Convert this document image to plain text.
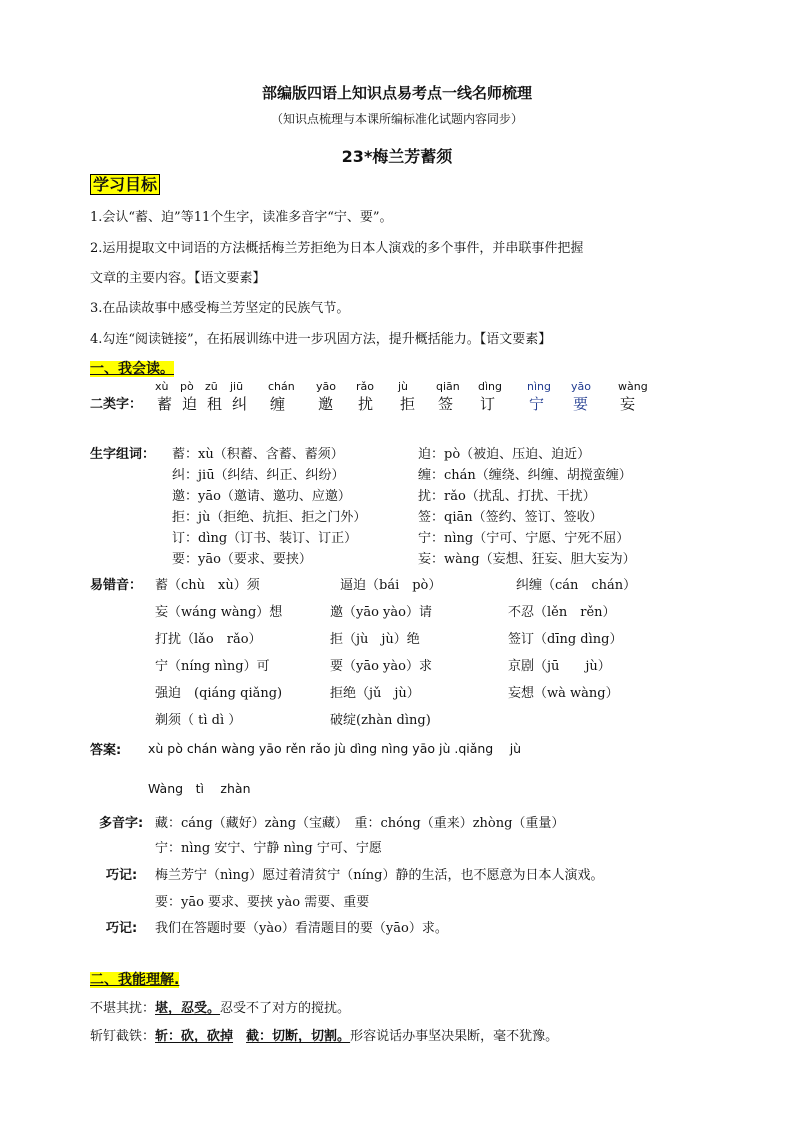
部编版四语上知识点易考点一线名师梳理
（知识点梳理与本课所编标准化试题内容同步）
23*梅兰芳蓄须
学习目标
1.会认“蓄、迫”等11个生字，读准多音字“宁、要”。
2.运用提取文中词语的方法概括梅兰芳拒绝为日本人演戏的多个事件，并串联事件把握
文章的主要内容。【语文要素】
3.在品读故事中感受梅兰芳坚定的民族气节。
4.勾连“阅读链接”，在拓展训练中进一步巩固方法，提升概括能力。【语文要素】
一、我会读。
二类字：
xù pò zū jiū chán yāo rǎo jù	qiān dìng nìng yāo wàng
蓄 迫 租 纠 缠 邀 扰 拒 签 订 宁 要 妄
生字组词： 蓄：xù（积蓄、含蓄、蓄须）	迫：pò（被迫、压迫、迫近）
纠：jiū（纠结、纠正、纠纷）	缠：chán（缠绕、纠缠、胡搅蛮缠）
邀：yāo（邀请、邀功、应邀）	扰：rǎo（扰乱、打扰、干扰）
拒：jù（拒绝、抗拒、拒之门外）	签：qiān（签约、签订、签收）
订：dìng（订书、装订、订正）	宁：nìng（宁可、宁愿、宁死不屈）
要：yāo（要求、要挟）	妄：wàng（妄想、狂妄、胆大妄为）
易错音： 蓄（chù　xù）须	逼迫（bái　pò）	纠缠（cán　chán）
妄（wáng wàng）想	邀（yāo yào）请	不忍（lěn　rěn）
打扰（lǎo　rǎo）	拒（jù　jù）绝	签订（dīng dìng）
宁（níng nìng）可	要（yāo yào）求	京剧（jū　　jù）
强迫　(qiáng qiǎng)	拒绝（jǔ　jù）	妄想（wà wàng）
剃须（ tì dì ）	破绽(zhàn dìng)
答案: xù pò chán wàng yāo rěn rǎo jù dìng nìng yāo jù .qiǎng　 jù
Wàng　tì　 zhàn
多音字: 藏：cáng（藏好）zàng（宝藏）　重：chóng（重来）zhòng（重量）
宁：nìng 安宁、宁静 nìng 宁可、宁愿
巧记: 梅兰芳宁（nìng）愿过着清贫宁（níng）静的生活，也不愿意为日本人演戏。
要：yāo 要求、要挟 yào 需要、重要
巧记: 我们在答题时要（yào）看清题目的要（yāo）求。
二、我能理解.
不堪其扰：堪，忍受。忍受不了对方的搅扰。
斩钉截铁：斩：砍，砍掉　 截：切断，切割。形容说话办事坚决果断，毫不犹豫。
